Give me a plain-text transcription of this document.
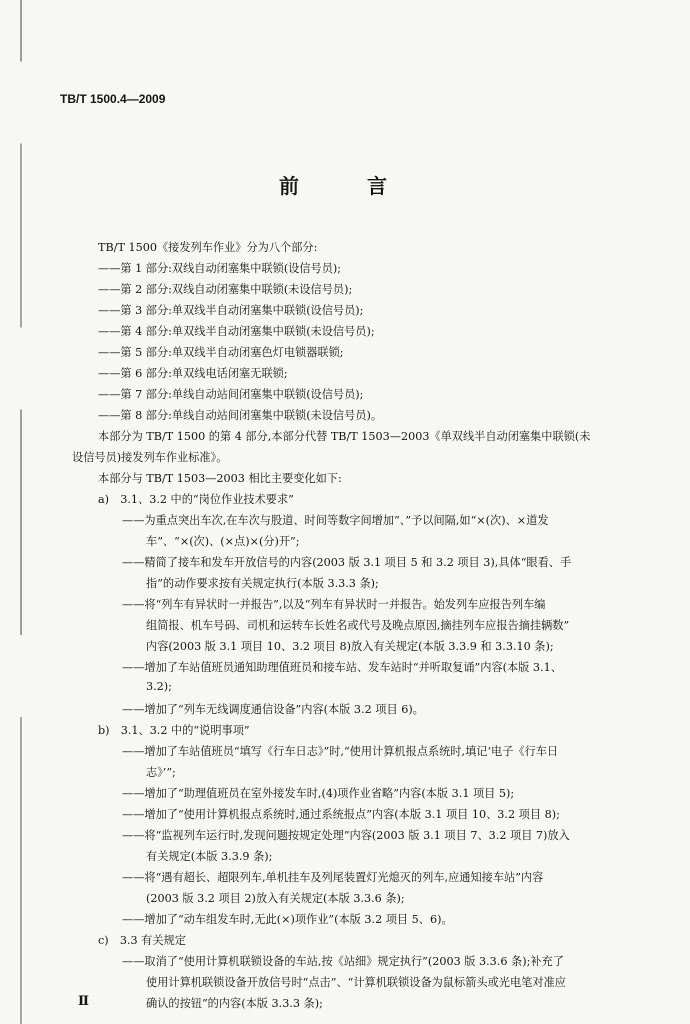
TB/T 1500.4—2009
前　言
TB/T 1500《接发列车作业》分为八个部分:
——第 1 部分:双线自动闭塞集中联锁(设信号员);
——第 2 部分:双线自动闭塞集中联锁(未设信号员);
——第 3 部分:单双线半自动闭塞集中联锁(设信号员);
——第 4 部分:单双线半自动闭塞集中联锁(未设信号员);
——第 5 部分:单双线半自动闭塞色灯电锁器联锁;
——第 6 部分:单双线电话闭塞无联锁;
——第 7 部分:单线自动站间闭塞集中联锁(设信号员);
——第 8 部分:单线自动站间闭塞集中联锁(未设信号员)。
本部分为 TB/T 1500 的第 4 部分,本部分代替 TB/T 1503—2003《单双线半自动闭塞集中联锁(未
设信号员)接发列车作业标准》。
本部分与 TB/T 1503—2003 相比主要变化如下:
a)　3.1、3.2 中的“岗位作业技术要求”
——为重点突出车次,在车次与股道、时间等数字间增加“、”予以间隔,如“×(次)、×道发
车”、“×(次)、(×点)×(分)开”;
——精简了接车和发车开放信号的内容(2003 版 3.1 项目 5 和 3.2 项目 3),具体“眼看、手
指”的动作要求按有关规定执行(本版 3.3.3 条);
——将“列车有异状时一并报告”,以及“列车有异状时一并报告。始发列车应报告列车编
组简报、机车号码、司机和运转车长姓名或代号及晚点原因,摘挂列车应报告摘挂辆数”
内容(2003 版 3.1 项目 10、3.2 项目 8)放入有关规定(本版 3.3.9 和 3.3.10 条);
——增加了车站值班员通知助理值班员和接车站、发车站时“并听取复诵”内容(本版 3.1、
3.2);
——增加了“列车无线调度通信设备”内容(本版 3.2 项目 6)。
b)　3.1、3.2 中的“说明事项”
——增加了车站值班员“填写《行车日志》”时,“使用计算机报点系统时,填记‘电子《行车日
志》’”;
——增加了“助理值班员在室外接发车时,(4)项作业省略”内容(本版 3.1 项目 5);
——增加了“使用计算机报点系统时,通过系统报点”内容(本版 3.1 项目 10、3.2 项目 8);
——将“监视列车运行时,发现问题按规定处理”内容(2003 版 3.1 项目 7、3.2 项目 7)放入
有关规定(本版 3.3.9 条);
——将“遇有超长、超限列车,单机挂车及列尾装置灯光熄灭的列车,应通知接车站”内容
(2003 版 3.2 项目 2)放入有关规定(本版 3.3.6 条);
——增加了“动车组发车时,无此(×)项作业”(本版 3.2 项目 5、6)。
c)　3.3 有关规定
——取消了“使用计算机联锁设备的车站,按《站细》规定执行”(2003 版 3.3.6 条);补充了
使用计算机联锁设备开放信号时“点击”、“计算机联锁设备为鼠标箭头或光电笔对准应
确认的按钮”的内容(本版 3.3.3 条);
Ⅱ
